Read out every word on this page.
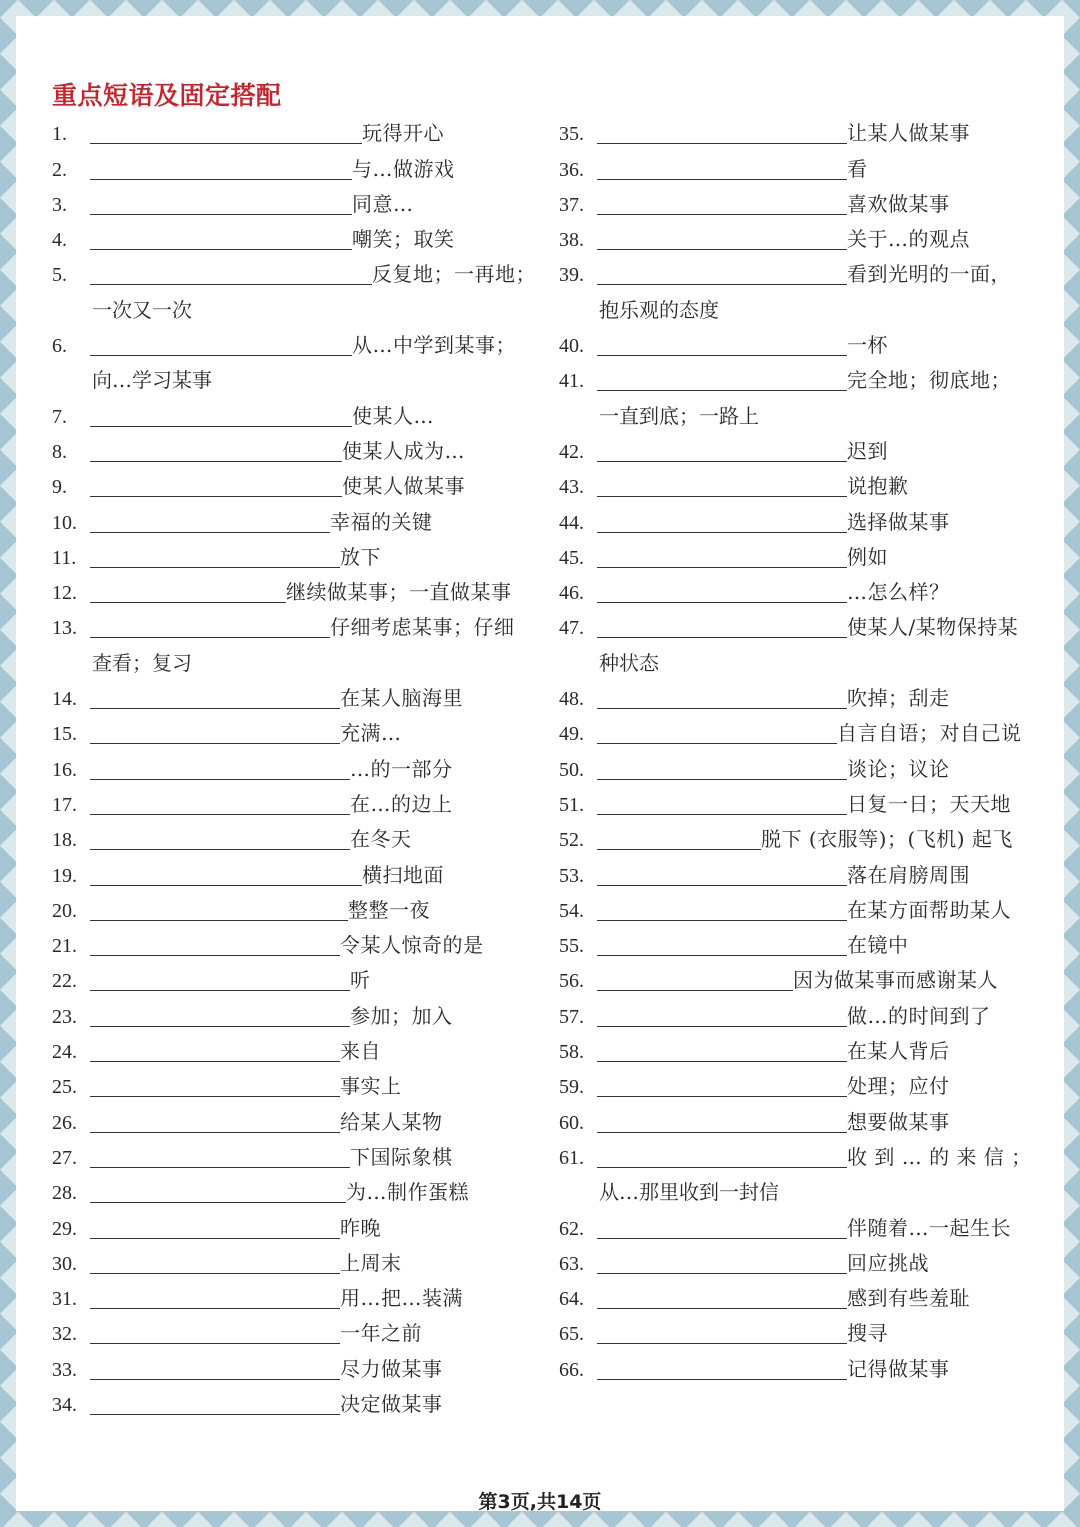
重点短语及固定搭配
1.	玩得开心
2.	与…做游戏
3.	同意…
4.	嘲笑；取笑
5.	反复地；一再地；
一次又一次
6.	从…中学到某事；
向…学习某事
7.	使某人…
8.	使某人成为…
9.	使某人做某事
10.	幸福的关键
11.	放下
12.	继续做某事；一直做某事
13.	仔细考虑某事；仔细
查看；复习
14.	在某人脑海里
15.	充满…
16.	…的一部分
17.	在…的边上
18.	在冬天
19.	横扫地面
20.	整整一夜
21.	令某人惊奇的是
22.	听
23.	参加；加入
24.	来自
25.	事实上
26.	给某人某物
27.	下国际象棋
28.	为…制作蛋糕
29.	昨晚
30.	上周末
31.	用…把…装满
32.	一年之前
33.	尽力做某事
34.	决定做某事
35.	让某人做某事
36.	看
37.	喜欢做某事
38.	关于…的观点
39.	看到光明的一面，
抱乐观的态度
40.	一杯
41.	完全地；彻底地；
一直到底；一路上
42.	迟到
43.	说抱歉
44.	选择做某事
45.	例如
46.	…怎么样？
47.	使某人/某物保持某
种状态
48.	吹掉；刮走
49.	自言自语；对自己说
50.	谈论；议论
51.	日复一日；天天地
52.	脱下 (衣服等)；(飞机) 起飞
53.	落在肩膀周围
54.	在某方面帮助某人
55.	在镜中
56.	因为做某事而感谢某人
57.	做…的时间到了
58.	在某人背后
59.	处理；应付
60.	想要做某事
61.	收 到 … 的 来 信 ；
从…那里收到一封信
62.	伴随着…一起生长
63.	回应挑战
64.	感到有些羞耻
65.	搜寻
66.	记得做某事
第3页,共14页
